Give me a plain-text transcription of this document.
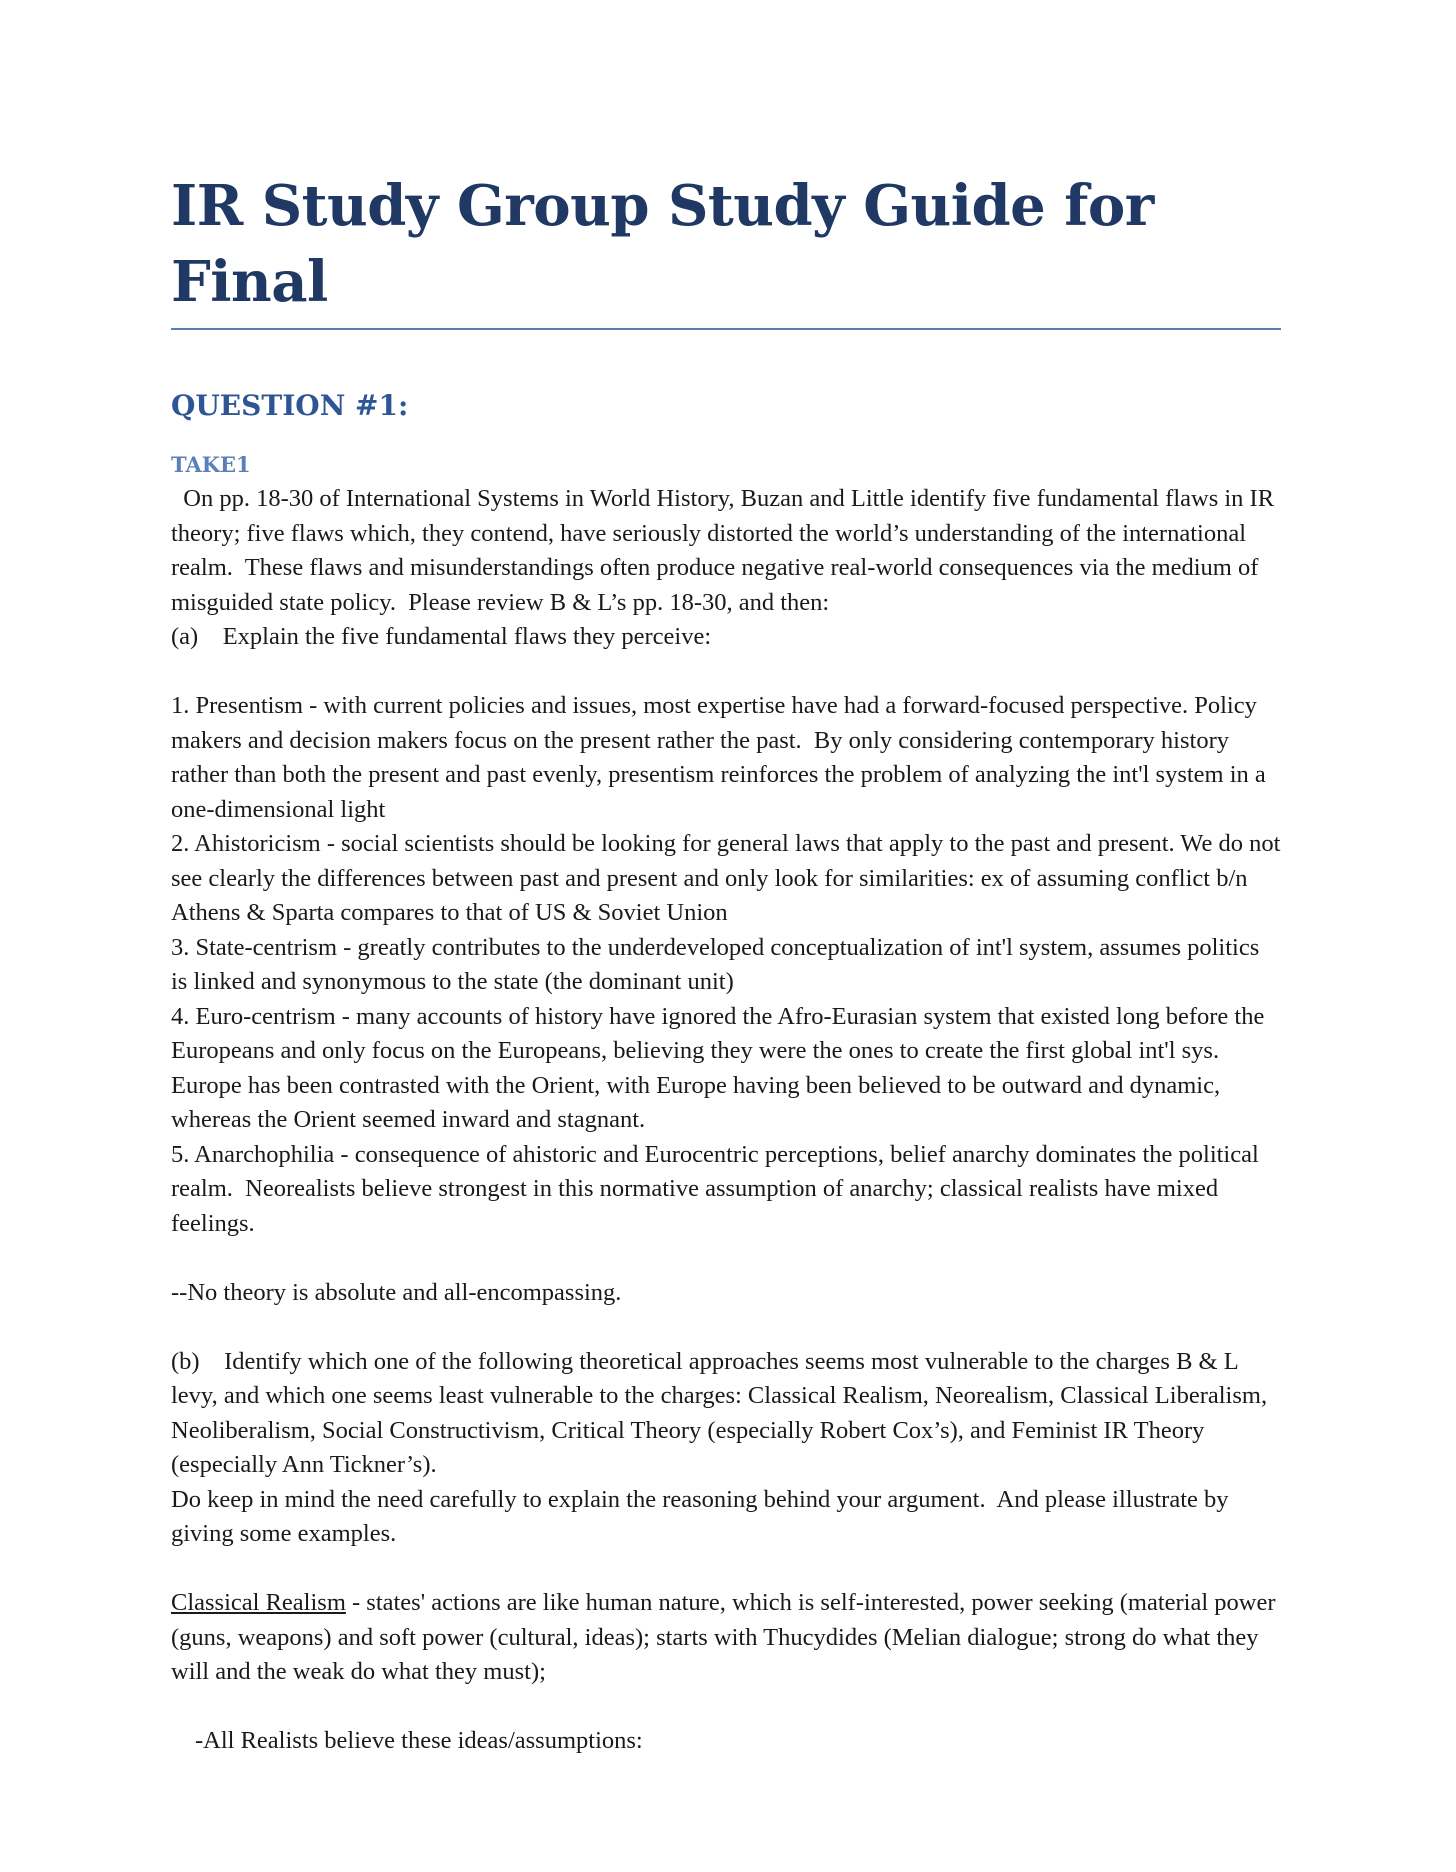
IR Study Group Study Guide for Final
QUESTION #1:
TAKE1

On pp. 18-30 of International Systems in World History, Buzan and Little identify five fundamental flaws in IR theory; five flaws which, they contend, have seriously distorted the world’s understanding of the international realm.  These flaws and misunderstandings often produce negative real-world consequences via the medium of misguided state policy.  Please review B & L’s pp. 18-30, and then:

(a)    Explain the five fundamental flaws they perceive:

1. Presentism - with current policies and issues, most expertise have had a forward-focused perspective. Policy makers and decision makers focus on the present rather the past.  By only considering contemporary history rather than both the present and past evenly, presentism reinforces the problem of analyzing the int'l system in a one-dimensional light

2. Ahistoricism - social scientists should be looking for general laws that apply to the past and present. We do not see clearly the differences between past and present and only look for similarities: ex of assuming conflict b/n Athens & Sparta compares to that of US & Soviet Union

3. State-centrism - greatly contributes to the underdeveloped conceptualization of int'l system, assumes politics is linked and synonymous to the state (the dominant unit)

4. Euro-centrism - many accounts of history have ignored the Afro-Eurasian system that existed long before the Europeans and only focus on the Europeans, believing they were the ones to create the first global int'l sys.  Europe has been contrasted with the Orient, with Europe having been believed to be outward and dynamic, whereas the Orient seemed inward and stagnant.

5. Anarchophilia - consequence of ahistoric and Eurocentric perceptions, belief anarchy dominates the political realm.  Neorealists believe strongest in this normative assumption of anarchy; classical realists have mixed feelings.

--No theory is absolute and all-encompassing.

(b)    Identify which one of the following theoretical approaches seems most vulnerable to the charges B & L levy, and which one seems least vulnerable to the charges: Classical Realism, Neorealism, Classical Liberalism, Neoliberalism, Social Constructivism, Critical Theory (especially Robert Cox’s), and Feminist IR Theory (especially Ann Tickner’s).

Do keep in mind the need carefully to explain the reasoning behind your argument.  And please illustrate by giving some examples.

Classical Realism - states' actions are like human nature, which is self-interested, power seeking (material power (guns, weapons) and soft power (cultural, ideas); starts with Thucydides (Melian dialogue; strong do what they will and the weak do what they must);

-All Realists believe these ideas/assumptions:
